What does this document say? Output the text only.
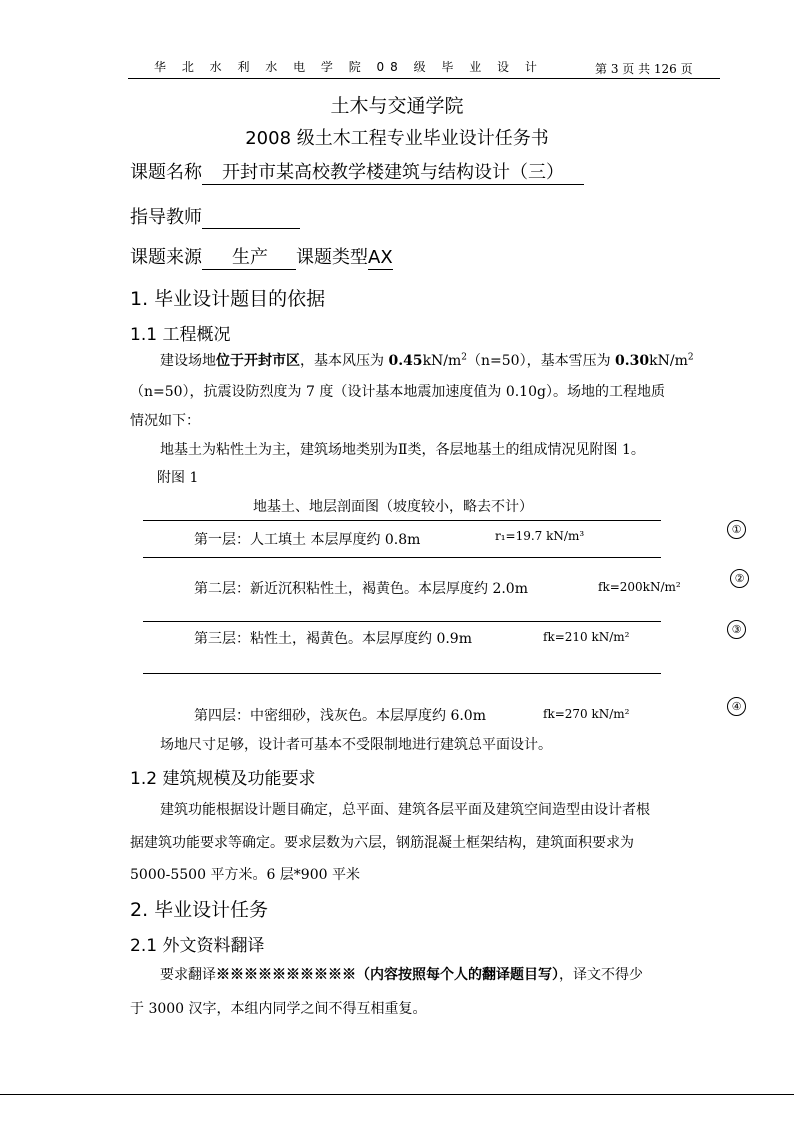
华 北 水 利 水 电 学 院 08 级 毕 业 设 计	第 3 页 共 126 页
土木与交通学院
2008 级土木工程专业毕业设计任务书
课题名称 开封市某高校教学楼建筑与结构设计（三）
指导教师
课题来源 生产 课题类型AX
1. 毕业设计题目的依据
1.1 工程概况
建设场地位于开封市区，基本风压为 $0.45kN/m^2(n=50)$，基本雪压为 $0.30kN/m^2$
（n=50），抗震设防烈度为 7 度（设计基本地震加速度值为 0.10g）。场地的工程地质
情况如下：
地基土为粘性土为主，建筑场地类别为Ⅱ类，各层地基土的组成情况见附图 1。
附图 1
地基土、地层剖面图（坡度较小，略去不计）
第一层：人工填土 本层厚度约 0.8m	r₁=19.7 kN/m³	①
第二层：新近沉积粘性土，褐黄色。本层厚度约 2.0m	fk=200kN/m²
②
第三层：粘性土，褐黄色。本层厚度约 0.9m	fk=210 kN/m²
③
第四层：中密细砂，浅灰色。本层厚度约 6.0m	fk=270 kN/m²
④
场地尺寸足够，设计者可基本不受限制地进行建筑总平面设计。
1.2 建筑规模及功能要求
建筑功能根据设计题目确定，总平面、建筑各层平面及建筑空间造型由设计者根
据建筑功能要求等确定。要求层数为六层，钢筋混凝土框架结构，建筑面积要求为
5000-5500 平方米。6 层*900 平米
2. 毕业设计任务
2.1 外文资料翻译
要求翻译※※※※※※※※※※（内容按照每个人的翻译题目写），译文不得少
于 3000 汉字，本组内同学之间不得互相重复。
